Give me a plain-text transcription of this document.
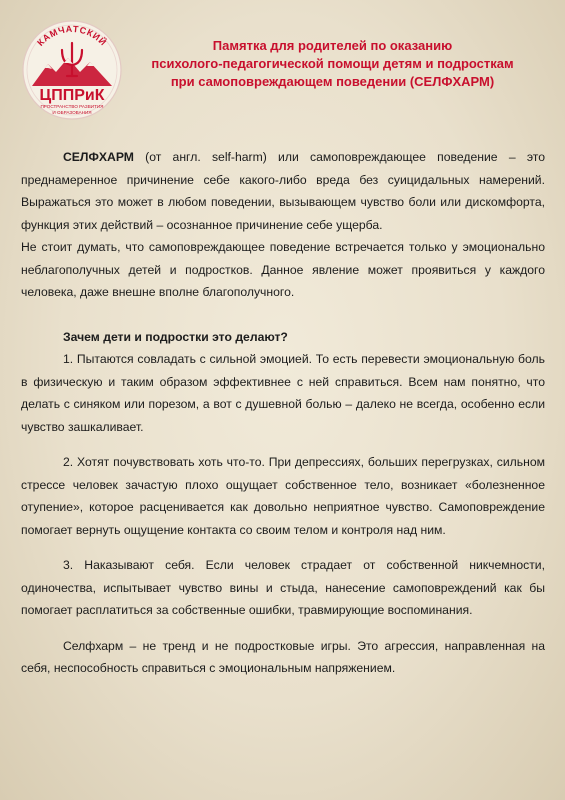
КАМЧАТСКИЙ
ЦППРиК
ПРОСТРАНСТВО РАЗВИТИЯ
И ОБРАЗОВАНИЯ
Памятка для родителей по оказанию
психолого-педагогической помощи детям и подросткам
при самоповреждающем поведении (СЕЛФХАРМ)

СЕЛФХАРМ (от англ. self-harm) или самоповреждающее поведение – это преднамеренное причинение себе какого-либо вреда без суицидальных намерений. Выражаться это может в любом поведении, вызывающем чувство боли или дискомфорта, функция этих действий – осознанное причинение себе ущерба.

Не стоит думать, что самоповреждающее поведение встречается только у эмоционально неблагополучных детей и подростков. Данное явление может проявиться у каждого человека, даже внешне вполне благополучного.

Зачем дети и подростки это делают?

1. Пытаются совладать с сильной эмоцией. То есть перевести эмоциональную боль в физическую и таким образом эффективнее с ней справиться. Всем нам понятно, что делать с синяком или порезом, а вот с душевной болью – далеко не всегда, особенно если чувство зашкаливает.

2. Хотят почувствовать хоть что-то. При депрессиях, больших перегрузках, сильном стрессе человек зачастую плохо ощущает собственное тело, возникает «болезненное отупение», которое расценивается как довольно неприятное чувство. Самоповреждение помогает вернуть ощущение контакта со своим телом и контроля над ним.

3. Наказывают себя. Если человек страдает от собственной никчемности, одиночества, испытывает чувство вины и стыда, нанесение самоповреждений как бы помогает расплатиться за собственные ошибки, травмирующие воспоминания.

Селфхарм – не тренд и не подростковые игры. Это агрессия, направленная на себя, неспособность справиться с эмоциональным напряжением.
